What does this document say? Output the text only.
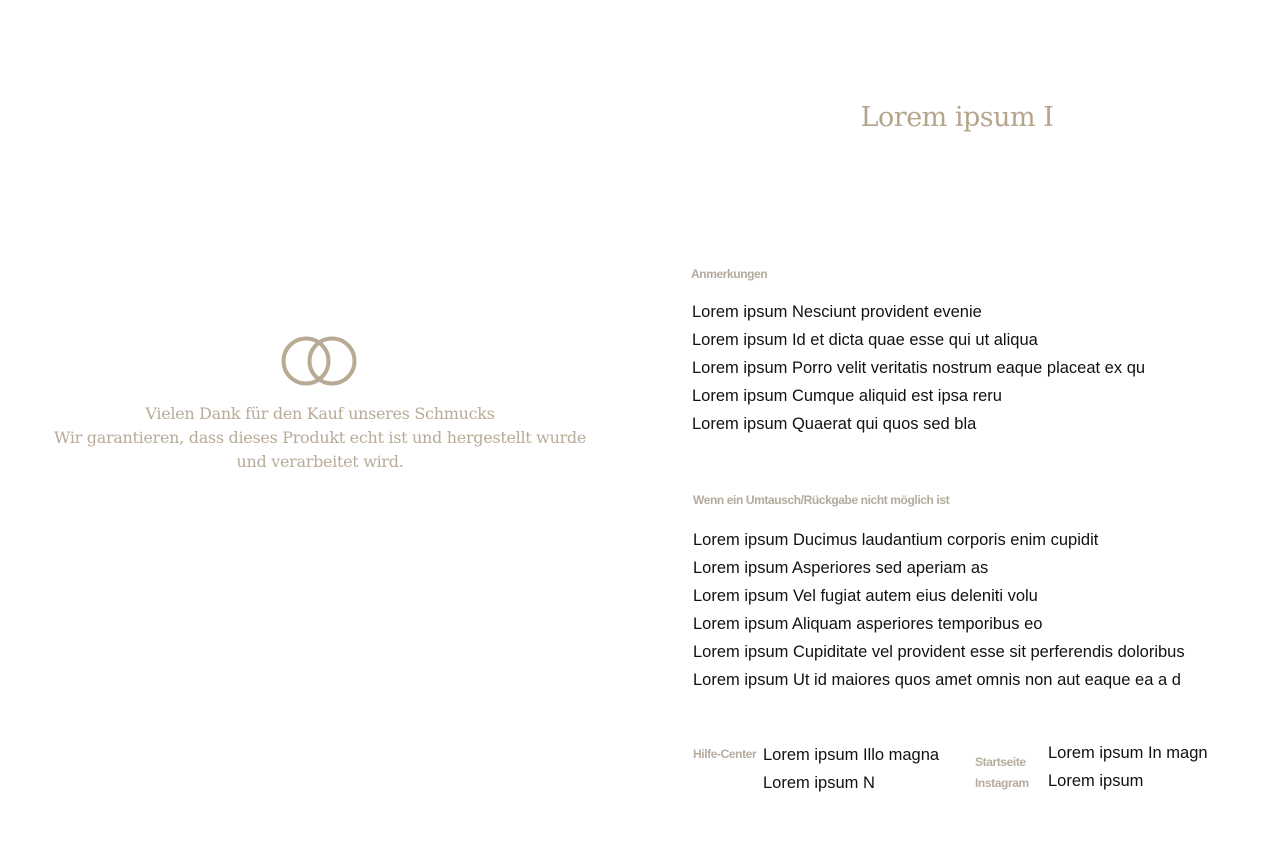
Vielen Dank für den Kauf unseres Schmucks
Wir garantieren, dass dieses Produkt echt ist und hergestellt wurde
und verarbeitet wird.
Lorem ipsum I
Anmerkungen
Lorem ipsum Nesciunt provident evenie
Lorem ipsum Id et dicta quae esse qui ut aliqua
Lorem ipsum Porro velit veritatis nostrum eaque placeat ex qu
Lorem ipsum Cumque aliquid est ipsa reru
Lorem ipsum Quaerat qui quos sed bla
Wenn ein Umtausch/Rückgabe nicht möglich ist
Lorem ipsum Ducimus laudantium corporis enim cupidit
Lorem ipsum Asperiores sed aperiam as
Lorem ipsum Vel fugiat autem eius deleniti volu
Lorem ipsum Aliquam asperiores temporibus eo
Lorem ipsum Cupiditate vel provident esse sit perferendis doloribus
Lorem ipsum Ut id maiores quos amet omnis non aut eaque ea a d
Hilfe-Center Lorem ipsum Illo magna
Lorem ipsum N
Startseite
Instagram
Lorem ipsum In magn
Lorem ipsum
